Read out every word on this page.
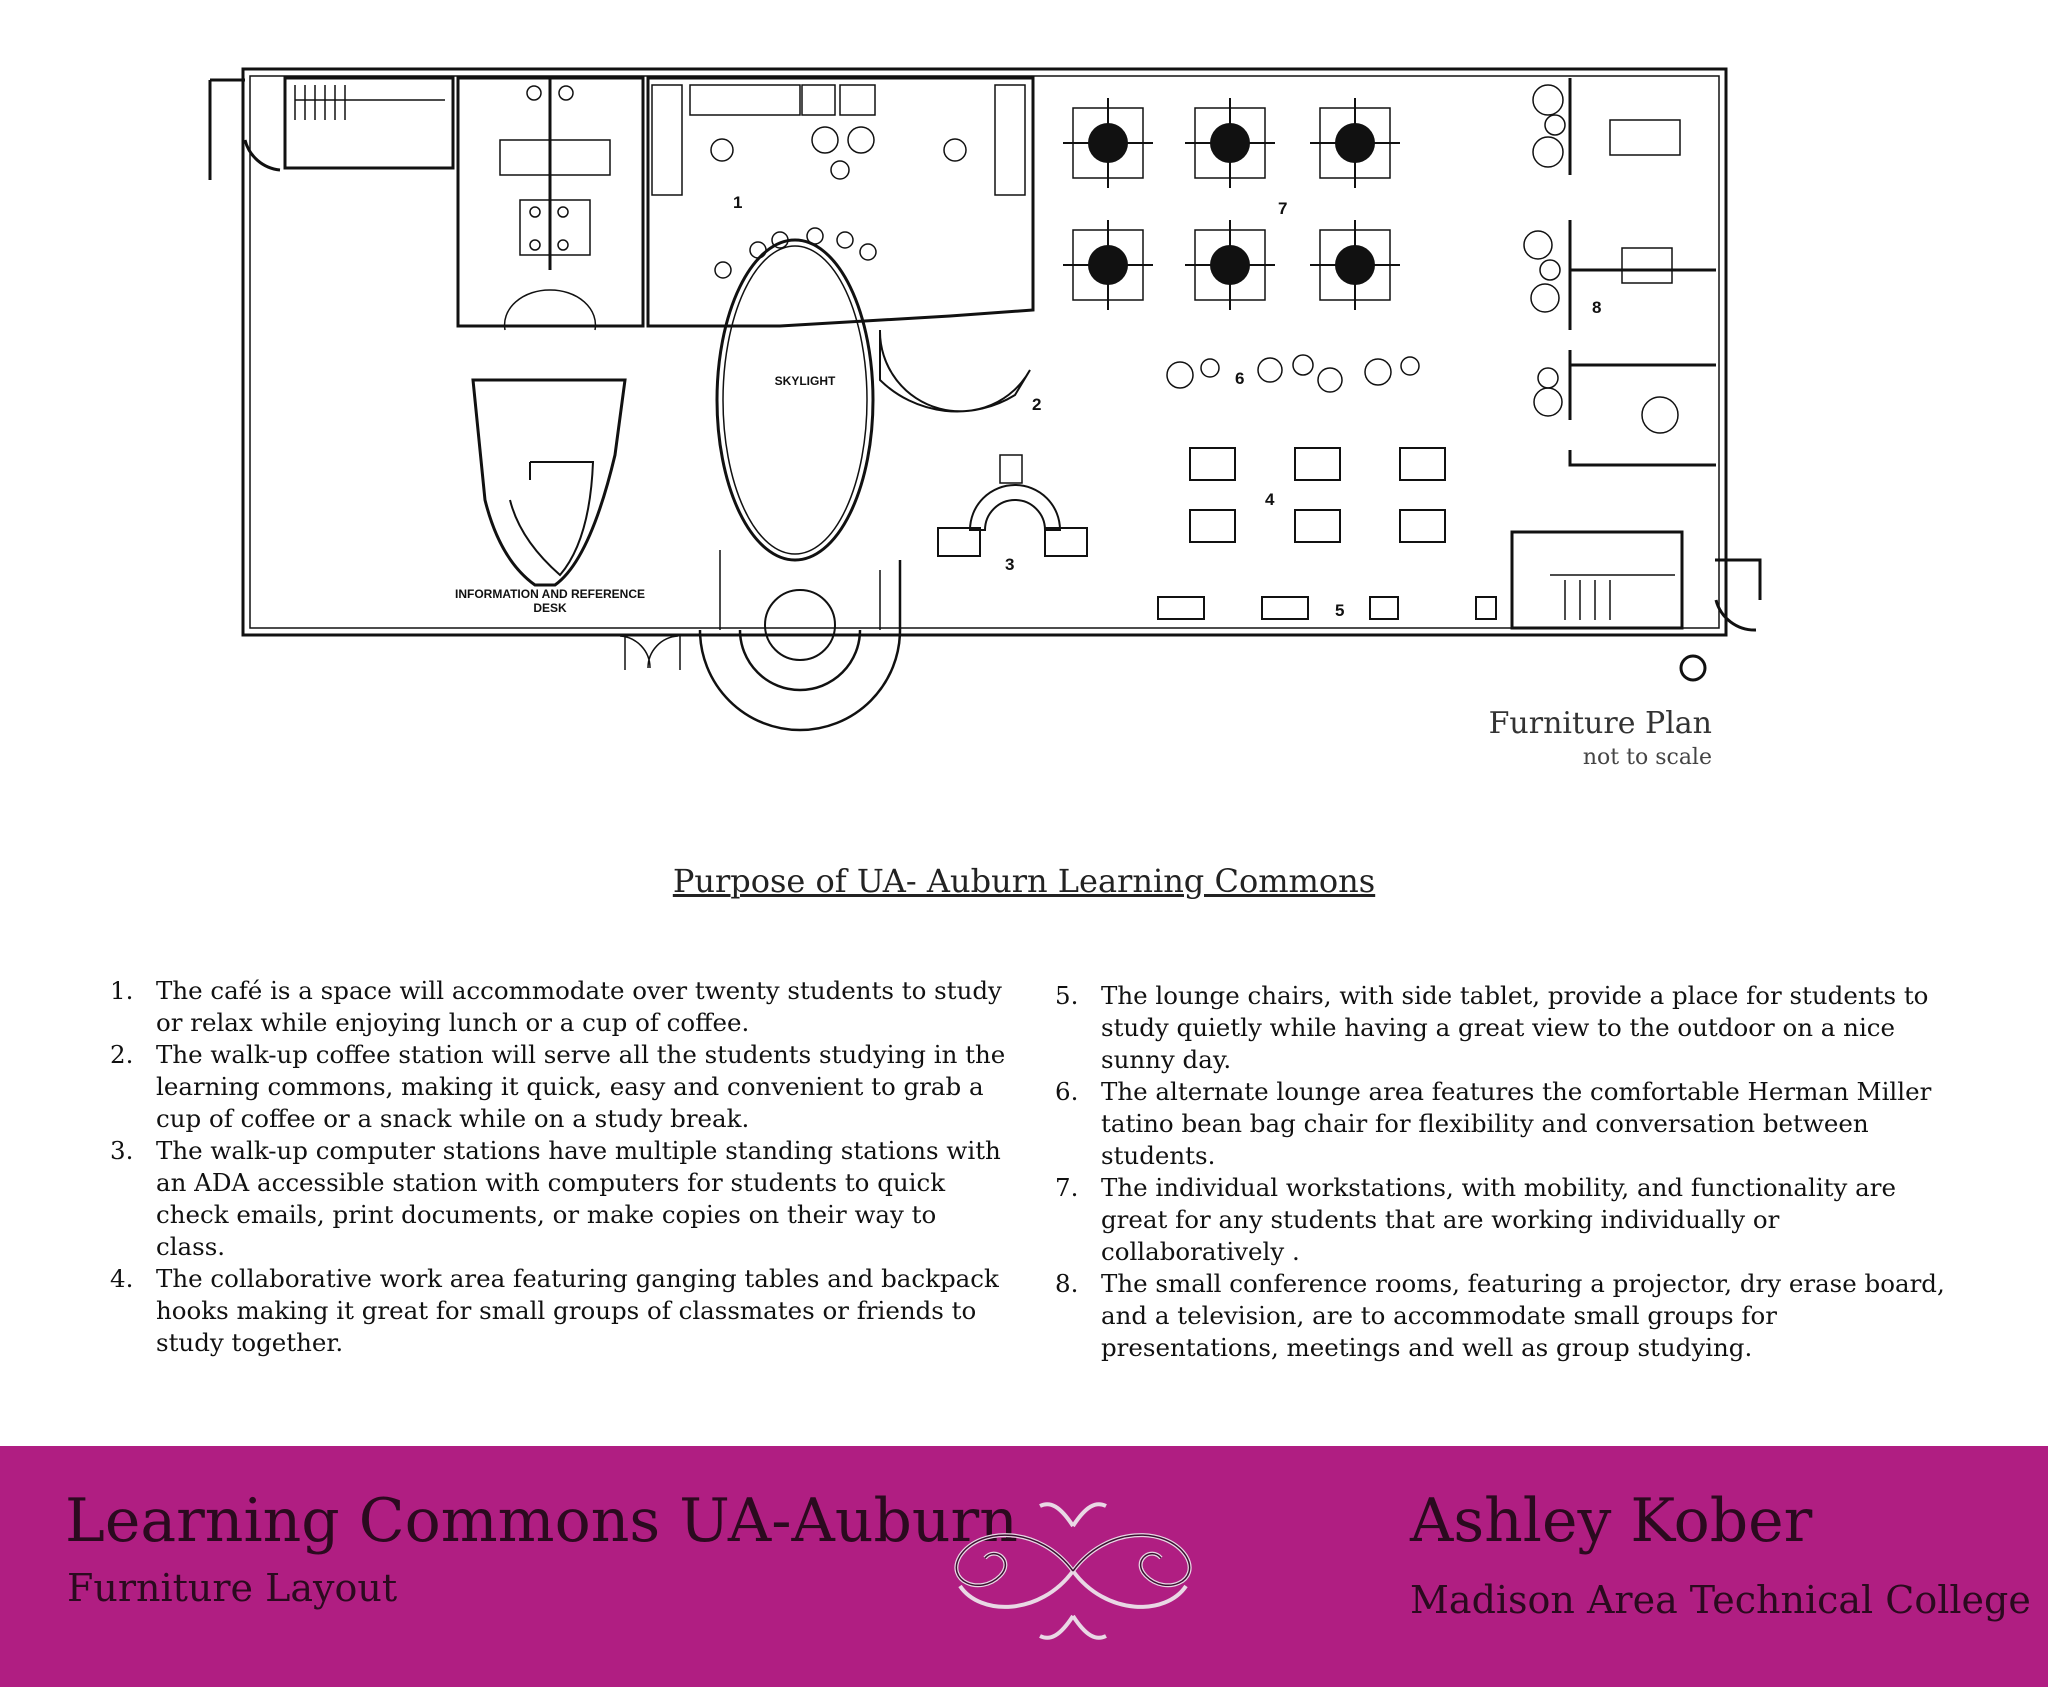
INFORMATION AND REFERENCE
DESK
SKYLIGHT
1
2
3
4
5
6
7
8
Furniture Plan
not to scale
Purpose of UA- Auburn Learning Commons
1. The café is a space will accommodate over twenty students to study or relax while enjoying lunch or a cup of coffee.
2. The walk-up coffee station will serve all the students studying in the learning commons, making it quick, easy and convenient to grab a cup of coffee or a snack while on a study break.
3. The walk-up computer stations have multiple standing stations with an ADA accessible station with computers for students to quick check emails, print documents, or make copies on their way to class.
4. The collaborative work area featuring ganging tables and backpack hooks making it great for small groups of classmates or friends to study together.
5. The lounge chairs, with side tablet, provide a place for students to study quietly while having a great view to the outdoor on a nice sunny day.
6. The alternate lounge area features the comfortable Herman Miller tatino bean bag chair for flexibility and conversation between students.
7. The individual workstations, with mobility, and functionality are great for any students that are working individually or collaboratively .
8. The small conference rooms, featuring a projector, dry erase board, and a television, are to accommodate small groups for presentations, meetings and well as group studying.
Learning Commons UA-Auburn
Furniture Layout
Ashley Kober
Madison Area Technical College
